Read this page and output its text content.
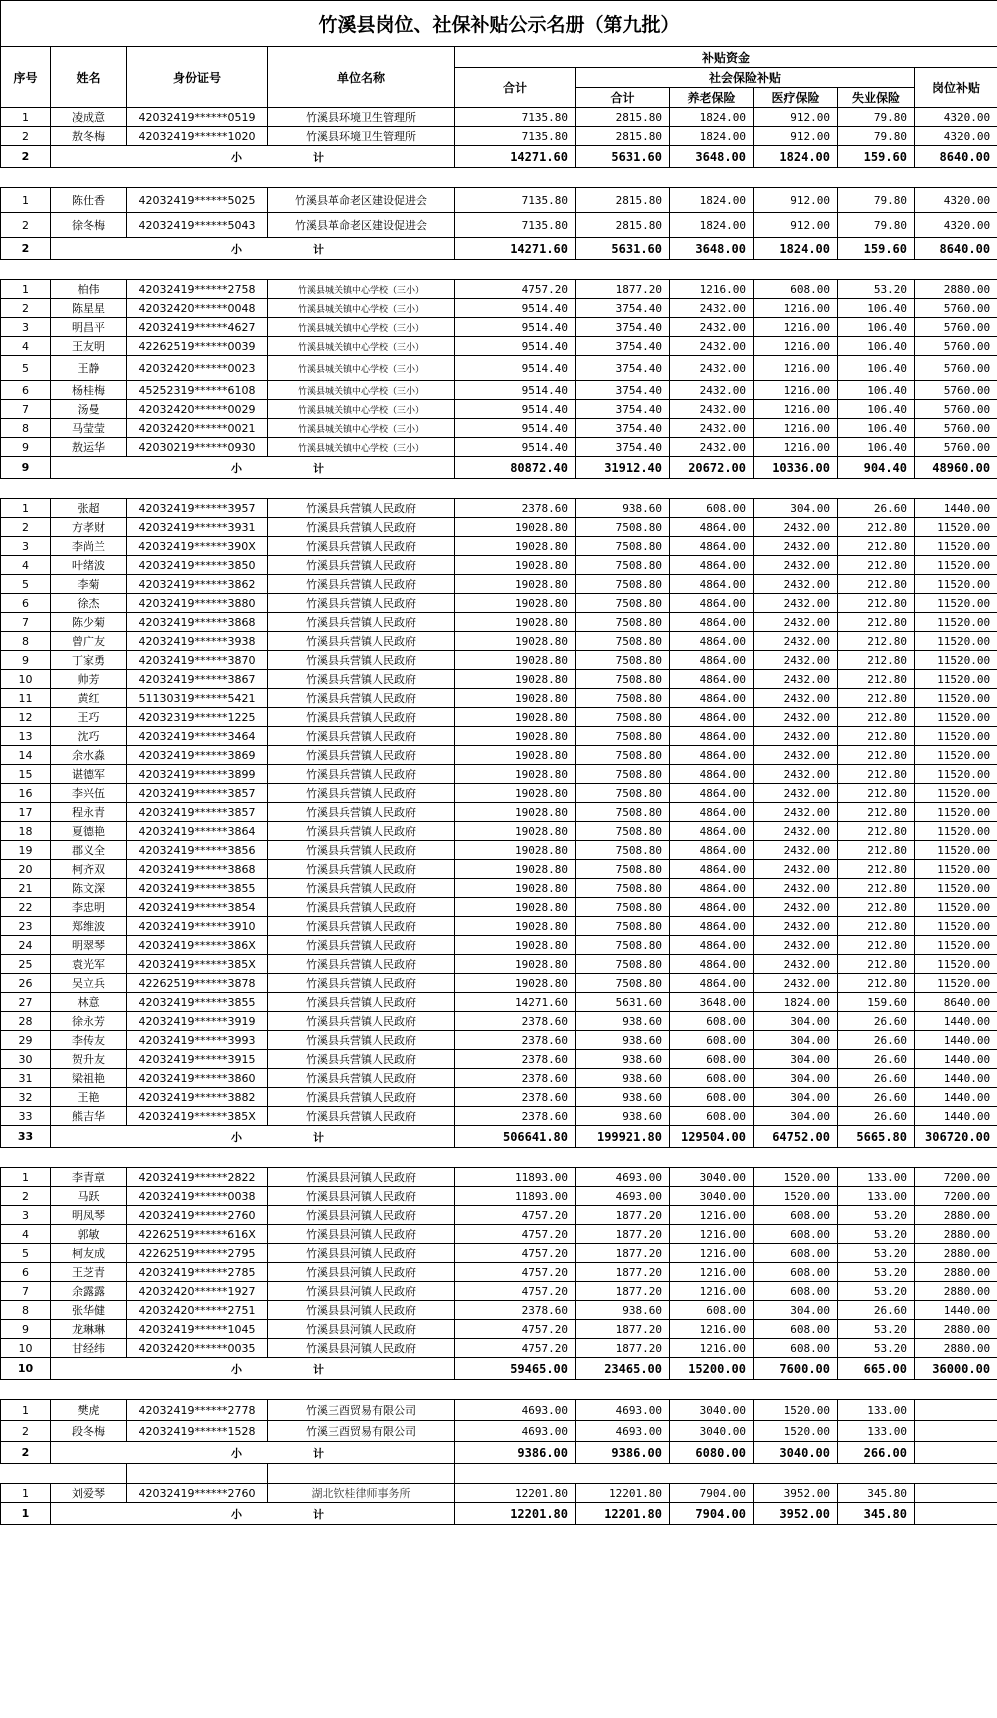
竹溪县岗位、社保补贴公示名册（第九批）									
序号	姓名	身份证号	单位名称	补贴资金					
				合计	社会保险补贴				岗位补贴
					合计	养老保险	医疗保险	失业保险	
1	凌成意	42032419******0519	竹溪县环境卫生管理所	7135.80	2815.80	1824.00	912.00	79.80	4320.00
2	敖冬梅	42032419******1020	竹溪县环境卫生管理所	7135.80	2815.80	1824.00	912.00	79.80	4320.00
2	小 计			14271.60	5631.60	3648.00	1824.00	159.60	8640.00

1	陈仕香	42032419******5025	竹溪县革命老区建设促进会	7135.80	2815.80	1824.00	912.00	79.80	4320.00
2	徐冬梅	42032419******5043	竹溪县革命老区建设促进会	7135.80	2815.80	1824.00	912.00	79.80	4320.00
2	小 计			14271.60	5631.60	3648.00	1824.00	159.60	8640.00

1	柏伟	42032419******2758	竹溪县城关镇中心学校（三小）	4757.20	1877.20	1216.00	608.00	53.20	2880.00
2	陈星星	42032420******0048	竹溪县城关镇中心学校（三小）	9514.40	3754.40	2432.00	1216.00	106.40	5760.00
3	明昌平	42032419******4627	竹溪县城关镇中心学校（三小）	9514.40	3754.40	2432.00	1216.00	106.40	5760.00
4	王友明	42262519******0039	竹溪县城关镇中心学校（三小）	9514.40	3754.40	2432.00	1216.00	106.40	5760.00
5	王静	42032420******0023	竹溪县城关镇中心学校（三小）	9514.40	3754.40	2432.00	1216.00	106.40	5760.00
6	杨桂梅	45252319******6108	竹溪县城关镇中心学校（三小）	9514.40	3754.40	2432.00	1216.00	106.40	5760.00
7	汤曼	42032420******0029	竹溪县城关镇中心学校（三小）	9514.40	3754.40	2432.00	1216.00	106.40	5760.00
8	马莹莹	42032420******0021	竹溪县城关镇中心学校（三小）	9514.40	3754.40	2432.00	1216.00	106.40	5760.00
9	敖运华	42030219******0930	竹溪县城关镇中心学校（三小）	9514.40	3754.40	2432.00	1216.00	106.40	5760.00
9	小 计			80872.40	31912.40	20672.00	10336.00	904.40	48960.00

1	张超	42032419******3957	竹溪县兵营镇人民政府	2378.60	938.60	608.00	304.00	26.60	1440.00
2	方孝财	42032419******3931	竹溪县兵营镇人民政府	19028.80	7508.80	4864.00	2432.00	212.80	11520.00
3	李尚兰	42032419******390X	竹溪县兵营镇人民政府	19028.80	7508.80	4864.00	2432.00	212.80	11520.00
4	叶绪波	42032419******3850	竹溪县兵营镇人民政府	19028.80	7508.80	4864.00	2432.00	212.80	11520.00
5	李菊	42032419******3862	竹溪县兵营镇人民政府	19028.80	7508.80	4864.00	2432.00	212.80	11520.00
6	徐杰	42032419******3880	竹溪县兵营镇人民政府	19028.80	7508.80	4864.00	2432.00	212.80	11520.00
7	陈少菊	42032419******3868	竹溪县兵营镇人民政府	19028.80	7508.80	4864.00	2432.00	212.80	11520.00
8	曾广友	42032419******3938	竹溪县兵营镇人民政府	19028.80	7508.80	4864.00	2432.00	212.80	11520.00
9	丁家勇	42032419******3870	竹溪县兵营镇人民政府	19028.80	7508.80	4864.00	2432.00	212.80	11520.00
10	帅芳	42032419******3867	竹溪县兵营镇人民政府	19028.80	7508.80	4864.00	2432.00	212.80	11520.00
11	黄红	51130319******5421	竹溪县兵营镇人民政府	19028.80	7508.80	4864.00	2432.00	212.80	11520.00
12	王巧	42032319******1225	竹溪县兵营镇人民政府	19028.80	7508.80	4864.00	2432.00	212.80	11520.00
13	沈巧	42032419******3464	竹溪县兵营镇人民政府	19028.80	7508.80	4864.00	2432.00	212.80	11520.00
14	余水淼	42032419******3869	竹溪县兵营镇人民政府	19028.80	7508.80	4864.00	2432.00	212.80	11520.00
15	谌德军	42032419******3899	竹溪县兵营镇人民政府	19028.80	7508.80	4864.00	2432.00	212.80	11520.00
16	李兴伍	42032419******3857	竹溪县兵营镇人民政府	19028.80	7508.80	4864.00	2432.00	212.80	11520.00
17	程永青	42032419******3857	竹溪县兵营镇人民政府	19028.80	7508.80	4864.00	2432.00	212.80	11520.00
18	夏德艳	42032419******3864	竹溪县兵营镇人民政府	19028.80	7508.80	4864.00	2432.00	212.80	11520.00
19	郡义全	42032419******3856	竹溪县兵营镇人民政府	19028.80	7508.80	4864.00	2432.00	212.80	11520.00
20	柯齐双	42032419******3868	竹溪县兵营镇人民政府	19028.80	7508.80	4864.00	2432.00	212.80	11520.00
21	陈文深	42032419******3855	竹溪县兵营镇人民政府	19028.80	7508.80	4864.00	2432.00	212.80	11520.00
22	李忠明	42032419******3854	竹溪县兵营镇人民政府	19028.80	7508.80	4864.00	2432.00	212.80	11520.00
23	郑维波	42032419******3910	竹溪县兵营镇人民政府	19028.80	7508.80	4864.00	2432.00	212.80	11520.00
24	明翠琴	42032419******386X	竹溪县兵营镇人民政府	19028.80	7508.80	4864.00	2432.00	212.80	11520.00
25	袁光军	42032419******385X	竹溪县兵营镇人民政府	19028.80	7508.80	4864.00	2432.00	212.80	11520.00
26	吴立兵	42262519******3878	竹溪县兵营镇人民政府	19028.80	7508.80	4864.00	2432.00	212.80	11520.00
27	林意	42032419******3855	竹溪县兵营镇人民政府	14271.60	5631.60	3648.00	1824.00	159.60	8640.00
28	徐永芳	42032419******3919	竹溪县兵营镇人民政府	2378.60	938.60	608.00	304.00	26.60	1440.00
29	李传友	42032419******3993	竹溪县兵营镇人民政府	2378.60	938.60	608.00	304.00	26.60	1440.00
30	贺升友	42032419******3915	竹溪县兵营镇人民政府	2378.60	938.60	608.00	304.00	26.60	1440.00
31	梁祖艳	42032419******3860	竹溪县兵营镇人民政府	2378.60	938.60	608.00	304.00	26.60	1440.00
32	王艳	42032419******3882	竹溪县兵营镇人民政府	2378.60	938.60	608.00	304.00	26.60	1440.00
33	熊吉华	42032419******385X	竹溪县兵营镇人民政府	2378.60	938.60	608.00	304.00	26.60	1440.00
33	小 计			506641.80	199921.80	129504.00	64752.00	5665.80	306720.00

1	李青章	42032419******2822	竹溪县县河镇人民政府	11893.00	4693.00	3040.00	1520.00	133.00	7200.00
2	马跃	42032419******0038	竹溪县县河镇人民政府	11893.00	4693.00	3040.00	1520.00	133.00	7200.00
3	明凤琴	42032419******2760	竹溪县县河镇人民政府	4757.20	1877.20	1216.00	608.00	53.20	2880.00
4	郭敏	42262519******616X	竹溪县县河镇人民政府	4757.20	1877.20	1216.00	608.00	53.20	2880.00
5	柯友成	42262519******2795	竹溪县县河镇人民政府	4757.20	1877.20	1216.00	608.00	53.20	2880.00
6	王芝青	42032419******2785	竹溪县县河镇人民政府	4757.20	1877.20	1216.00	608.00	53.20	2880.00
7	余露露	42032420******1927	竹溪县县河镇人民政府	4757.20	1877.20	1216.00	608.00	53.20	2880.00
8	张华健	42032420******2751	竹溪县县河镇人民政府	2378.60	938.60	608.00	304.00	26.60	1440.00
9	龙琳琳	42032419******1045	竹溪县县河镇人民政府	4757.20	1877.20	1216.00	608.00	53.20	2880.00
10	甘经纬	42032420******0035	竹溪县县河镇人民政府	4757.20	1877.20	1216.00	608.00	53.20	2880.00
10	小 计			59465.00	23465.00	15200.00	7600.00	665.00	36000.00

1	樊虎	42032419******2778	竹溪三酉贸易有限公司	4693.00	4693.00	3040.00	1520.00	133.00	
2	段冬梅	42032419******1528	竹溪三酉贸易有限公司	4693.00	4693.00	3040.00	1520.00	133.00	
2	小 计			9386.00	9386.00	6080.00	3040.00	266.00	

1	刘爱琴	42032419******2760	湖北钦桂律师事务所	12201.80	12201.80	7904.00	3952.00	345.80	
1	小 计			12201.80	12201.80	7904.00	3952.00	345.80	
